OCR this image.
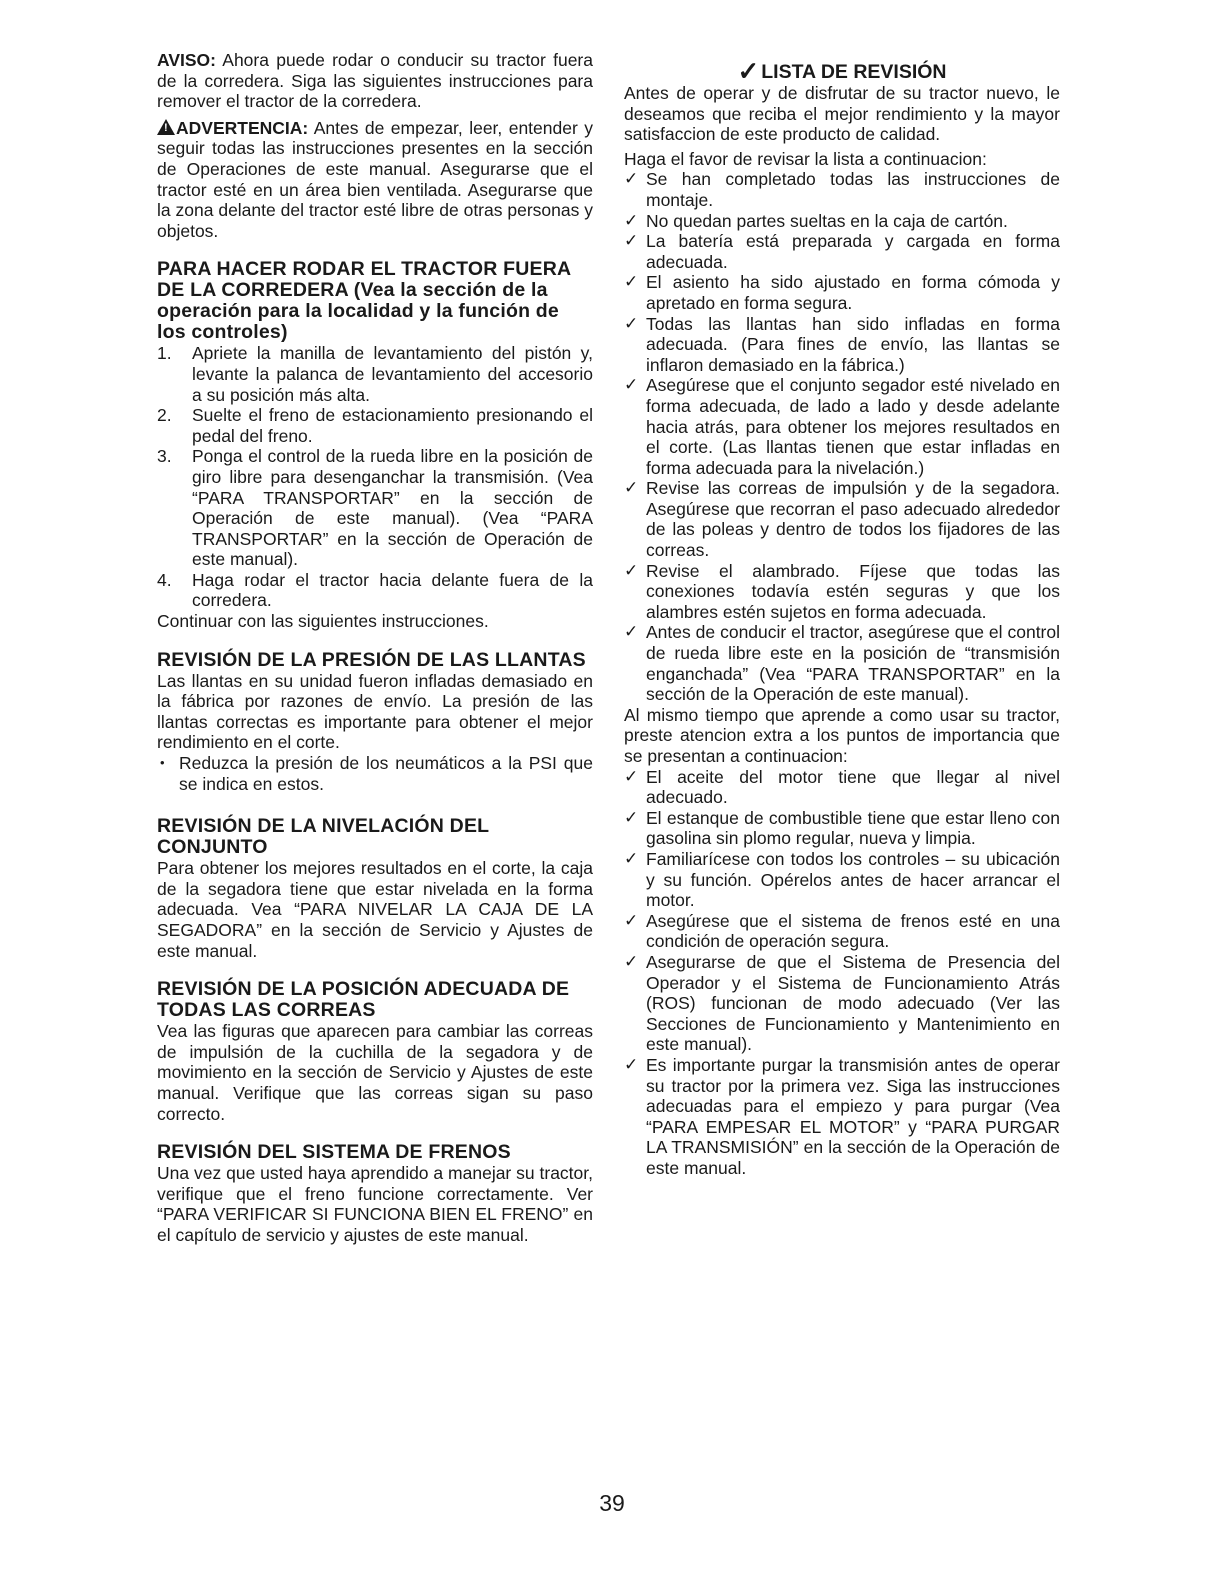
AVISO: Ahora puede rodar o conducir su tractor fuera de la corredera. Siga las siguientes instrucciones para remover el tractor de la corredera.

! ADVERTENCIA: Antes de empezar, leer, entender y seguir todas las instrucciones presentes en la sección de Operaciones de este manual. Asegurarse que el tractor esté en un área bien ventilada. Asegurarse que la zona delante del tractor esté libre de otras personas y objetos.

PARA HACER RODAR EL TRACTOR FUERA DE LA CORREDERA (Vea la sección de la operación para la localidad y la función de los controles)
1. Apriete la manilla de levantamiento del pistón y, levante la palanca de levantamiento del accesorio a su posición más alta.
2. Suelte el freno de estacionamiento presionando el pedal del freno.
3. Ponga el control de la rueda libre en la posición de giro libre para desenganchar la transmisión. (Vea “PARA TRANSPORTAR” en la sección de Operación de este manual). (Vea “PARA TRANSPORTAR” en la sección de Operación de este manual).
4. Haga rodar el tractor hacia delante fuera de la corredera.

Continuar con las siguientes instrucciones.

REVISIÓN DE LA PRESIÓN DE LAS LLANTAS

Las llantas en su unidad fueron infladas demasiado en la fábrica por razones de envío. La presión de las llantas correctas es importante para obtener el mejor rendimiento en el corte.

• Reduzca la presión de los neumáticos a la PSI que se indica en estos.
REVISIÓN DE LA NIVELACIÓN DEL CONJUNTO

Para obtener los mejores resultados en el corte, la caja de la segadora tiene que estar nivelada en la forma adecuada. Vea “PARA NIVELAR LA CAJA DE LA SEGADORA” en la sección de Servicio y Ajustes de este manual.

REVISIÓN DE LA POSICIÓN ADECUADA DE TODAS LAS CORREAS

Vea las figuras que aparecen para cambiar las correas de impulsión de la cuchilla de la segadora y de movimiento en la sección de Servicio y Ajustes de este manual. Verifique que las correas sigan su paso correcto.

REVISIÓN DEL SISTEMA DE FRENOS

Una vez que usted haya aprendido a manejar su tractor, verifique que el freno funcione correctamente. Ver “PARA VERIFICAR SI FUNCIONA BIEN EL FRENO” en el capítulo de servicio y ajustes de este manual.

✓ LISTA DE REVISIÓN

Antes de operar y de disfrutar de su tractor nuevo, le deseamos que reciba el mejor rendimiento y la mayor satisfaccion de este producto de calidad.

Haga el favor de revisar la lista a continuacion:

✓ Se han completado todas las instrucciones de montaje.
✓ No quedan partes sueltas en la caja de cartón.
✓ La batería está preparada y cargada en forma adecuada.
✓ El asiento ha sido ajustado en forma cómoda y apretado en forma segura.
✓ Todas las llantas han sido infladas en forma adecuada. (Para fines de envío, las llantas se inflaron demasiado en la fábrica.)
✓ Asegúrese que el conjunto segador esté nivelado en forma adecuada, de lado a lado y desde adelante hacia atrás, para obtener los mejores resultados en el corte. (Las llantas tienen que estar infladas en forma adecuada para la nivelación.)
✓ Revise las correas de impulsión y de la segadora. Asegúrese que recorran el paso adecuado alrededor de las poleas y dentro de todos los fijadores de las correas.
✓ Revise el alambrado. Fíjese que todas las conexiones todavía estén seguras y que los alambres estén sujetos en forma adecuada.
✓ Antes de conducir el tractor, asegúrese que el control de rueda libre este en la posición de “transmisión enganchada” (Vea “PARA TRANSPORTAR” en la sección de la Operación de este manual).

Al mismo tiempo que aprende a como usar su tractor, preste atencion extra a los puntos de importancia que se presentan a continuacion:

✓ El aceite del motor tiene que llegar al nivel adecuado.
✓ El estanque de combustible tiene que estar lleno con gasolina sin plomo regular, nueva y limpia.
✓ Familiarícese con todos los controles – su ubicación y su función. Opérelos antes de hacer arrancar el motor.
✓ Asegúrese que el sistema de frenos esté en una condición de operación segura.
✓ Asegurarse de que el Sistema de Presencia del Operador y el Sistema de Funcionamiento Atrás (ROS) funcionan de modo adecuado (Ver las Secciones de Funcionamiento y Mantenimiento en este manual).
✓ Es importante purgar la transmisión antes de operar su tractor por la primera vez. Siga las instrucciones adecuadas para el empiezo y para purgar (Vea “PARA EMPESAR EL MOTOR” y “PARA PURGAR LA TRANSMISIÓN” en la sección de la Operación de este manual.
39
